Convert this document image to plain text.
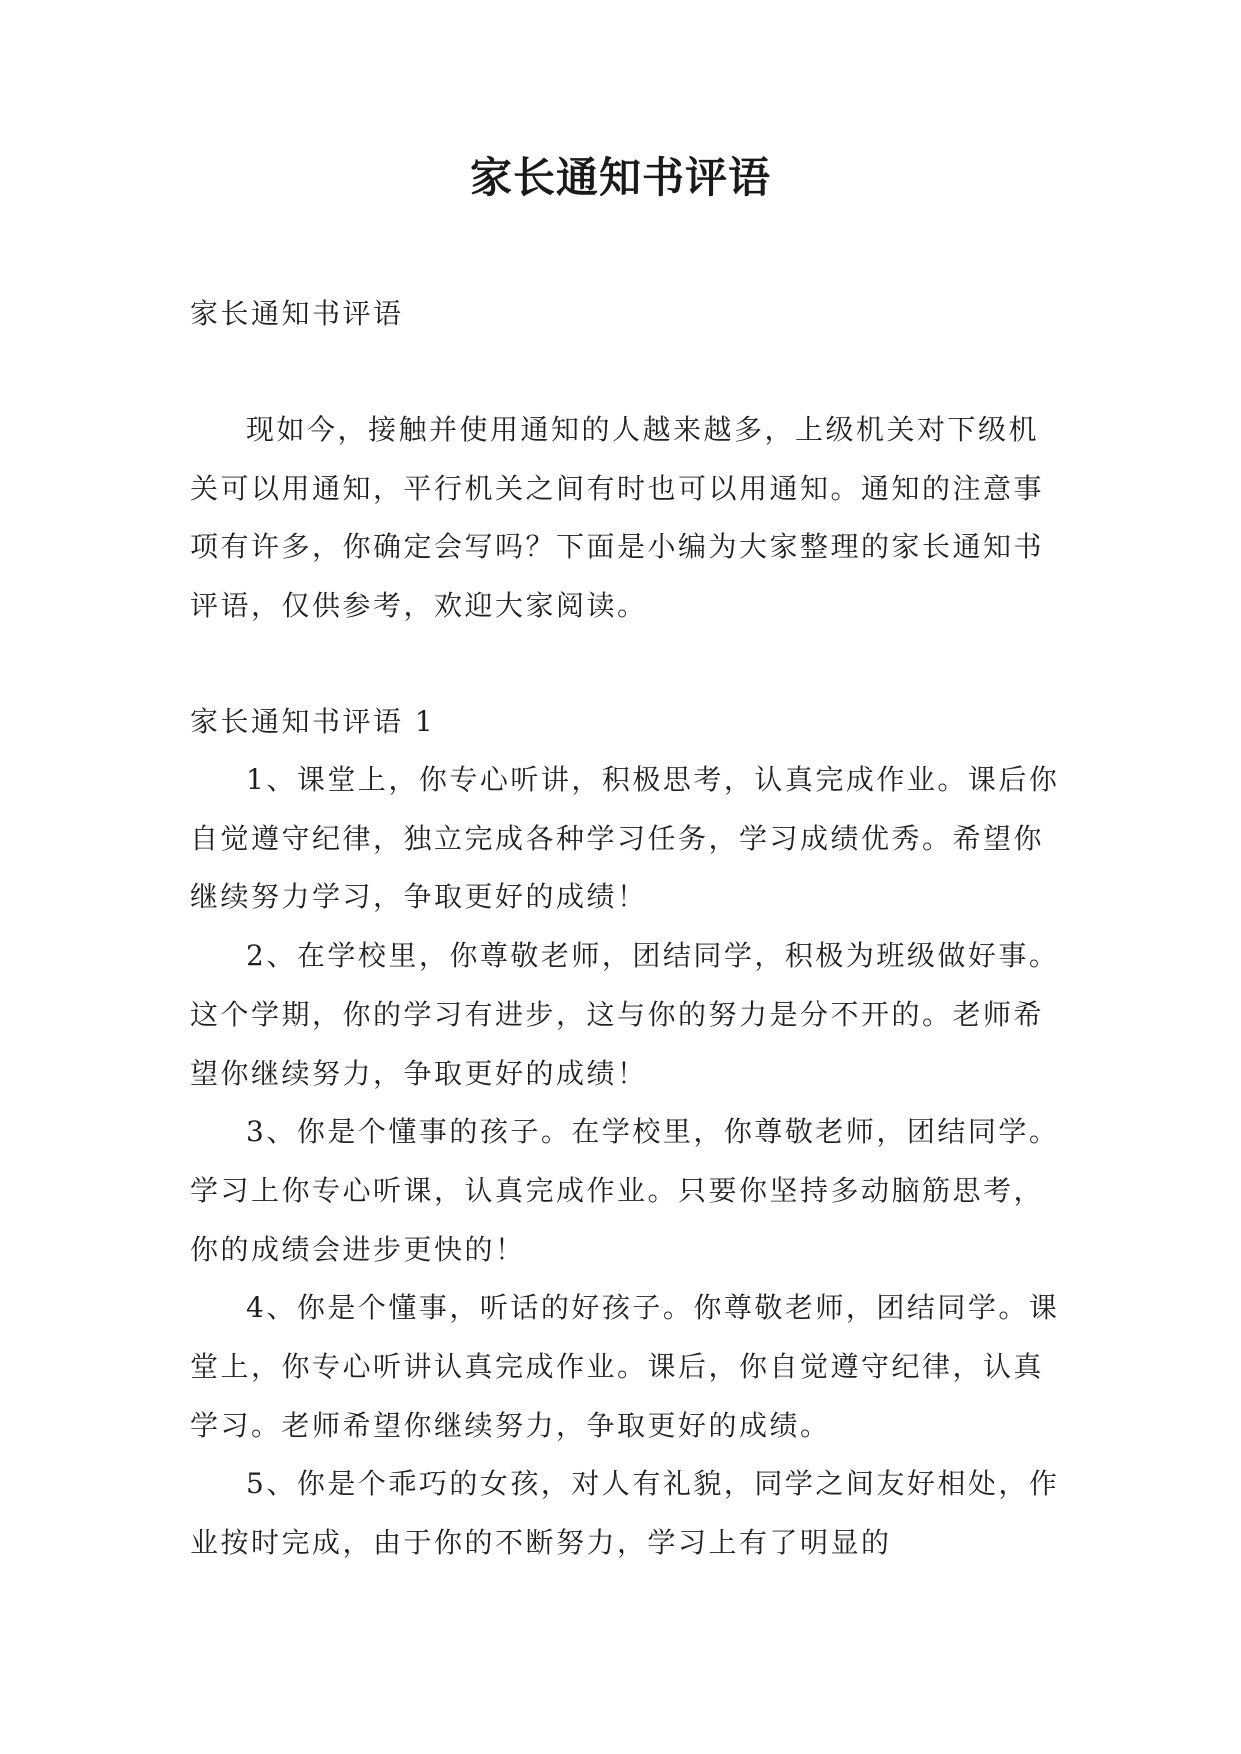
家长通知书评语

家长通知书评语

现如今，接触并使用通知的人越来越多，上级机关对下级机关可以用通知，平行机关之间有时也可以用通知。通知的注意事项有许多，你确定会写吗？下面是小编为大家整理的家长通知书评语，仅供参考，欢迎大家阅读。

家长通知书评语 1

1、课堂上，你专心听讲，积极思考，认真完成作业。课后你自觉遵守纪律，独立完成各种学习任务，学习成绩优秀。希望你继续努力学习，争取更好的成绩！
2、在学校里，你尊敬老师，团结同学，积极为班级做好事。这个学期，你的学习有进步，这与你的努力是分不开的。老师希望你继续努力，争取更好的成绩！
3、你是个懂事的孩子。在学校里，你尊敬老师，团结同学。学习上你专心听课，认真完成作业。只要你坚持多动脑筋思考，你的成绩会进步更快的！
4、你是个懂事，听话的好孩子。你尊敬老师，团结同学。课堂上，你专心听讲认真完成作业。课后，你自觉遵守纪律，认真学习。老师希望你继续努力，争取更好的成绩。
5、你是个乖巧的女孩，对人有礼貌，同学之间友好相处，作业按时完成，由于你的不断努力，学习上有了明显的
